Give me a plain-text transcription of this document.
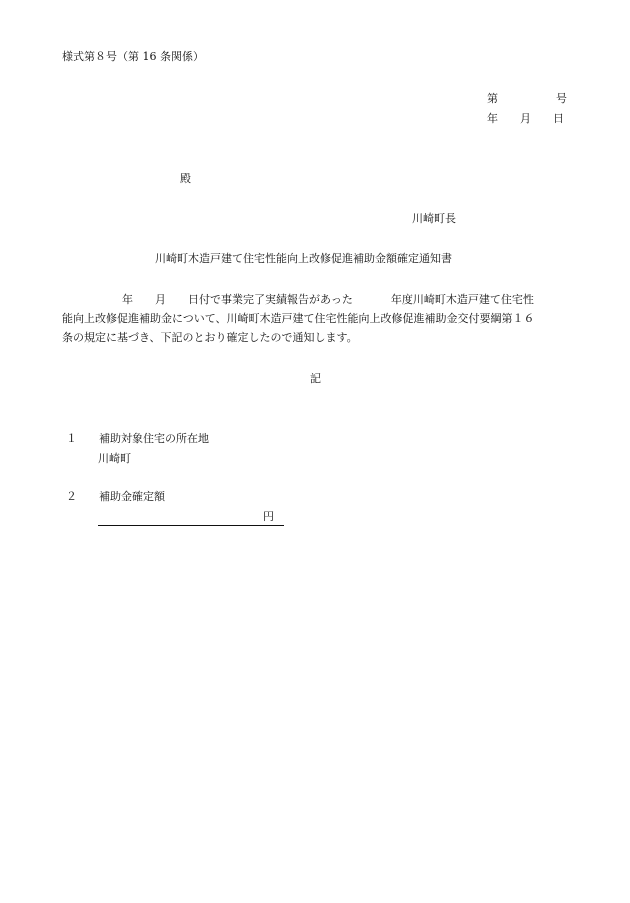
様式第８号（第 16 条関係）
第	号
年 月 日
殿
川崎町長
川崎町木造戸建て住宅性能向上改修促進補助金額確定通知書
年 月 日付で事業完了実績報告があった	年度川崎町木造戸建て住宅性
能向上改修促進補助金について、川崎町木造戸建て住宅性能向上改修促進補助金交付要綱第１６
条の規定に基づき、下記のとおり確定したので通知します。
記
１ 補助対象住宅の所在地
川崎町
２ 補助金確定額
円
